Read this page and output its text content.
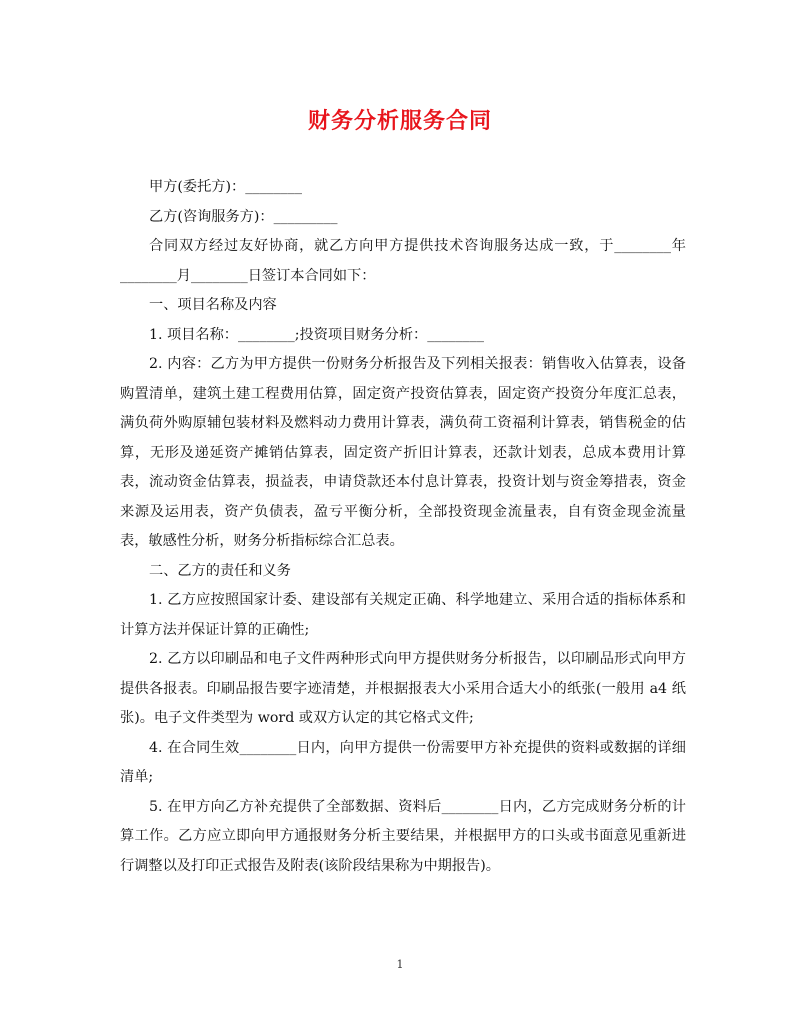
财务分析服务合同

甲方(委托方)：________

乙方(咨询服务方)：_________

合同双方经过友好协商，就乙方向甲方提供技术咨询服务达成一致，于________年________月________日签订本合同如下：

一、项目名称及内容

1. 项目名称：________;投资项目财务分析：________

2. 内容：乙方为甲方提供一份财务分析报告及下列相关报表：销售收入估算表，设备购置清单，建筑土建工程费用估算，固定资产投资估算表，固定资产投资分年度汇总表，满负荷外购原辅包装材料及燃料动力费用计算表，满负荷工资福利计算表，销售税金的估算，无形及递延资产摊销估算表，固定资产折旧计算表，还款计划表，总成本费用计算表，流动资金估算表，损益表，申请贷款还本付息计算表，投资计划与资金筹措表，资金来源及运用表，资产负债表，盈亏平衡分析，全部投资现金流量表，自有资金现金流量表，敏感性分析，财务分析指标综合汇总表。

二、乙方的责任和义务

1. 乙方应按照国家计委、建设部有关规定正确、科学地建立、采用合适的指标体系和计算方法并保证计算的正确性;

2. 乙方以印刷品和电子文件两种形式向甲方提供财务分析报告，以印刷品形式向甲方提供各报表。印刷品报告要字迹清楚，并根据报表大小采用合适大小的纸张(一般用 a4 纸张)。电子文件类型为 word 或双方认定的其它格式文件;

4. 在合同生效________日内，向甲方提供一份需要甲方补充提供的资料或数据的详细清单;

5. 在甲方向乙方补充提供了全部数据、资料后________日内，乙方完成财务分析的计算工作。乙方应立即向甲方通报财务分析主要结果，并根据甲方的口头或书面意见重新进行调整以及打印正式报告及附表(该阶段结果称为中期报告)。

1
